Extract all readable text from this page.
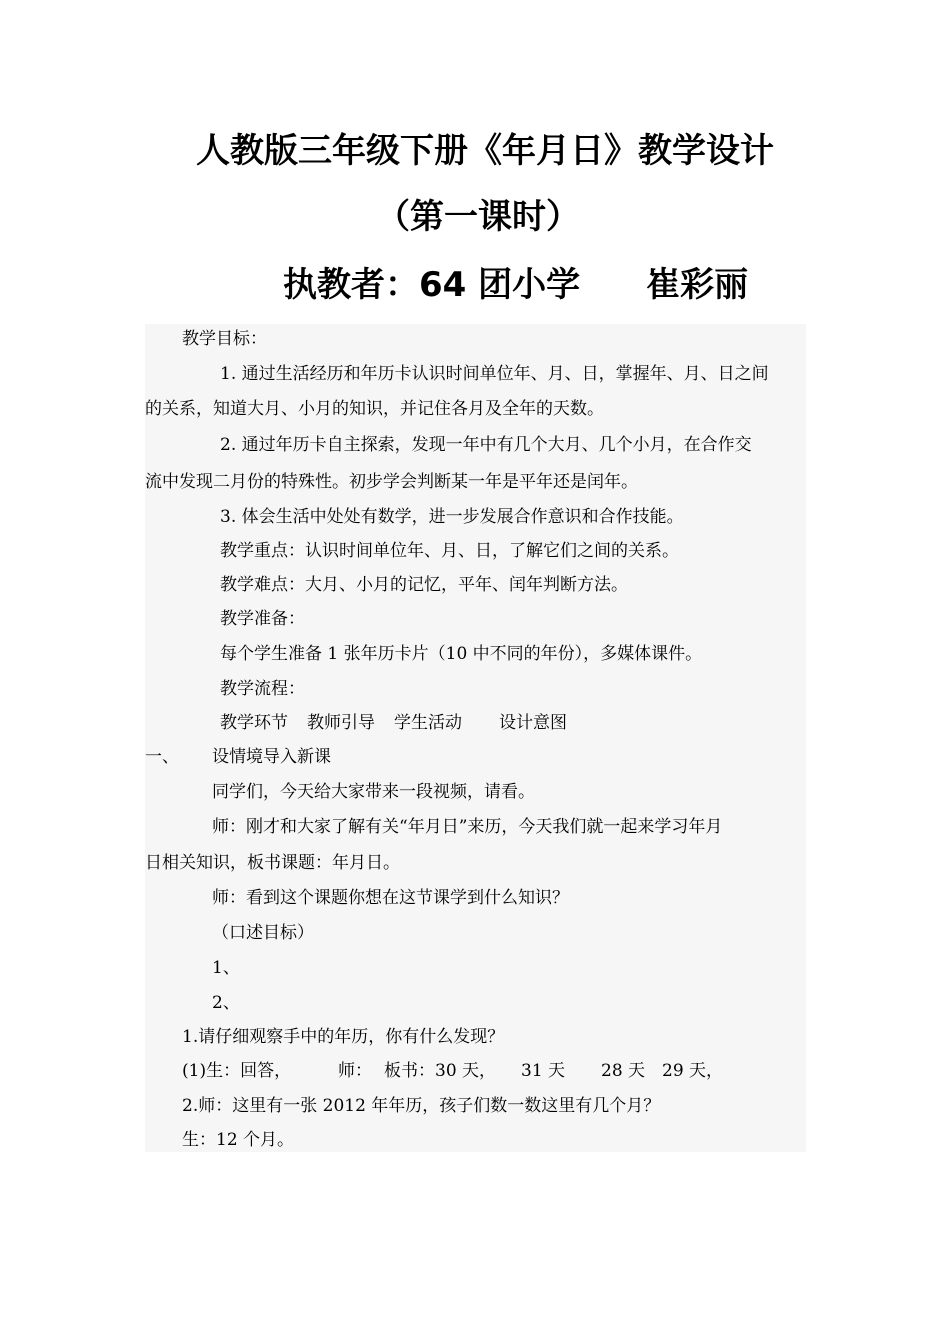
人教版三年级下册《年月日》教学设计
（第一课时）
执教者：64 团小学 崔彩丽
教学目标：
1. 通过生活经历和年历卡认识时间单位年、月、日，掌握年、月、日之间
的关系，知道大月、小月的知识，并记住各月及全年的天数。
2. 通过年历卡自主探索，发现一年中有几个大月、几个小月，在合作交
流中发现二月份的特殊性。初步学会判断某一年是平年还是闰年。
3. 体会生活中处处有数学，进一步发展合作意识和合作技能。
教学重点：认识时间单位年、月、日，了解它们之间的关系。
教学难点：大月、小月的记忆，平年、闰年判断方法。
教学准备：
每个学生准备 1 张年历卡片（10 中不同的年份），多媒体课件。
教学流程：
教学环节 教师引导 学生活动 设计意图
一、 设情境导入新课
同学们，今天给大家带来一段视频，请看。
师：刚才和大家了解有关“年月日”来历，今天我们就一起来学习年月
日相关知识，板书课题：年月日。
师：看到这个课题你想在这节课学到什么知识？
（口述目标）
1、
2、
1.请仔细观察手中的年历，你有什么发现？
(1)生：回答，	师： 板书：30 天， 31 天 28 天 29 天，
2.师：这里有一张 2012 年年历，孩子们数一数这里有几个月？
生：12 个月。
